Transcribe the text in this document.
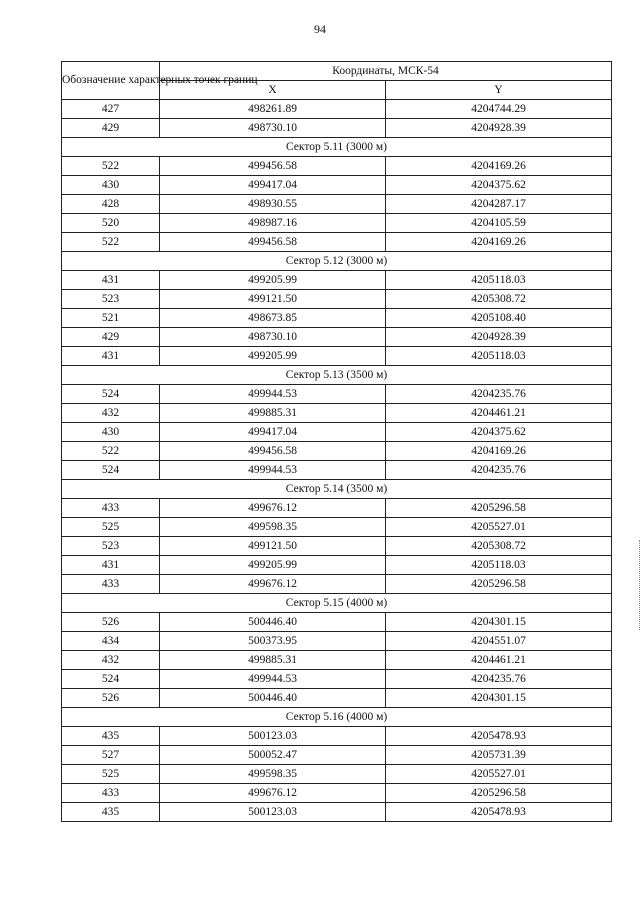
94
Обозначение характерных точек границ	Координаты, МСК-54	
	X	Y
427	498261.89	4204744.29
429	498730.10	4204928.39
Сектор 5.11 (3000 м)		
522	499456.58	4204169.26
430	499417.04	4204375.62
428	498930.55	4204287.17
520	498987.16	4204105.59
522	499456.58	4204169.26
Сектор 5.12 (3000 м)		
431	499205.99	4205118.03
523	499121.50	4205308.72
521	498673.85	4205108.40
429	498730.10	4204928.39
431	499205.99	4205118.03
Сектор 5.13 (3500 м)		
524	499944.53	4204235.76
432	499885.31	4204461.21
430	499417.04	4204375.62
522	499456.58	4204169.26
524	499944.53	4204235.76
Сектор 5.14 (3500 м)		
433	499676.12	4205296.58
525	499598.35	4205527.01
523	499121.50	4205308.72
431	499205.99	4205118.03
433	499676.12	4205296.58
Сектор 5.15 (4000 м)		
526	500446.40	4204301.15
434	500373.95	4204551.07
432	499885.31	4204461.21
524	499944.53	4204235.76
526	500446.40	4204301.15
Сектор 5.16 (4000 м)		
435	500123.03	4205478.93
527	500052.47	4205731.39
525	499598.35	4205527.01
433	499676.12	4205296.58
435	500123.03	4205478.93
